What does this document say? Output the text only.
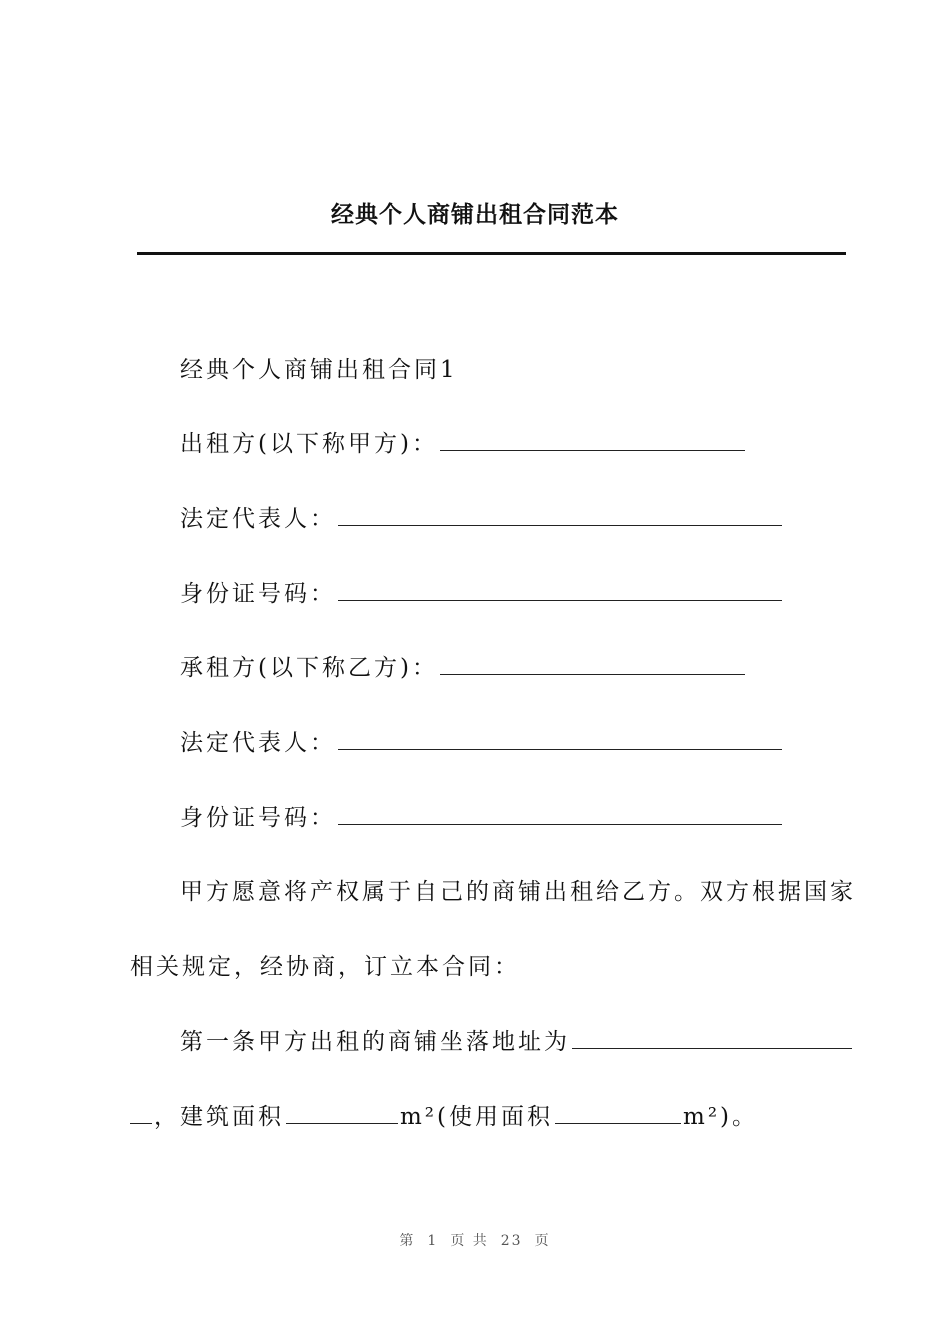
经典个人商铺出租合同范本
经典个人商铺出租合同1
出租方(以下称甲方)：
法定代表人：
身份证号码：
承租方(以下称乙方)：
法定代表人：
身份证号码：
甲方愿意将产权属于自己的商铺出租给乙方。双方根据国家
相关规定，经协商，订立本合同：
第一条甲方出租的商铺坐落地址为
，建筑面积	m²(使用面积	m²)。
第 1 页 共 23 页
